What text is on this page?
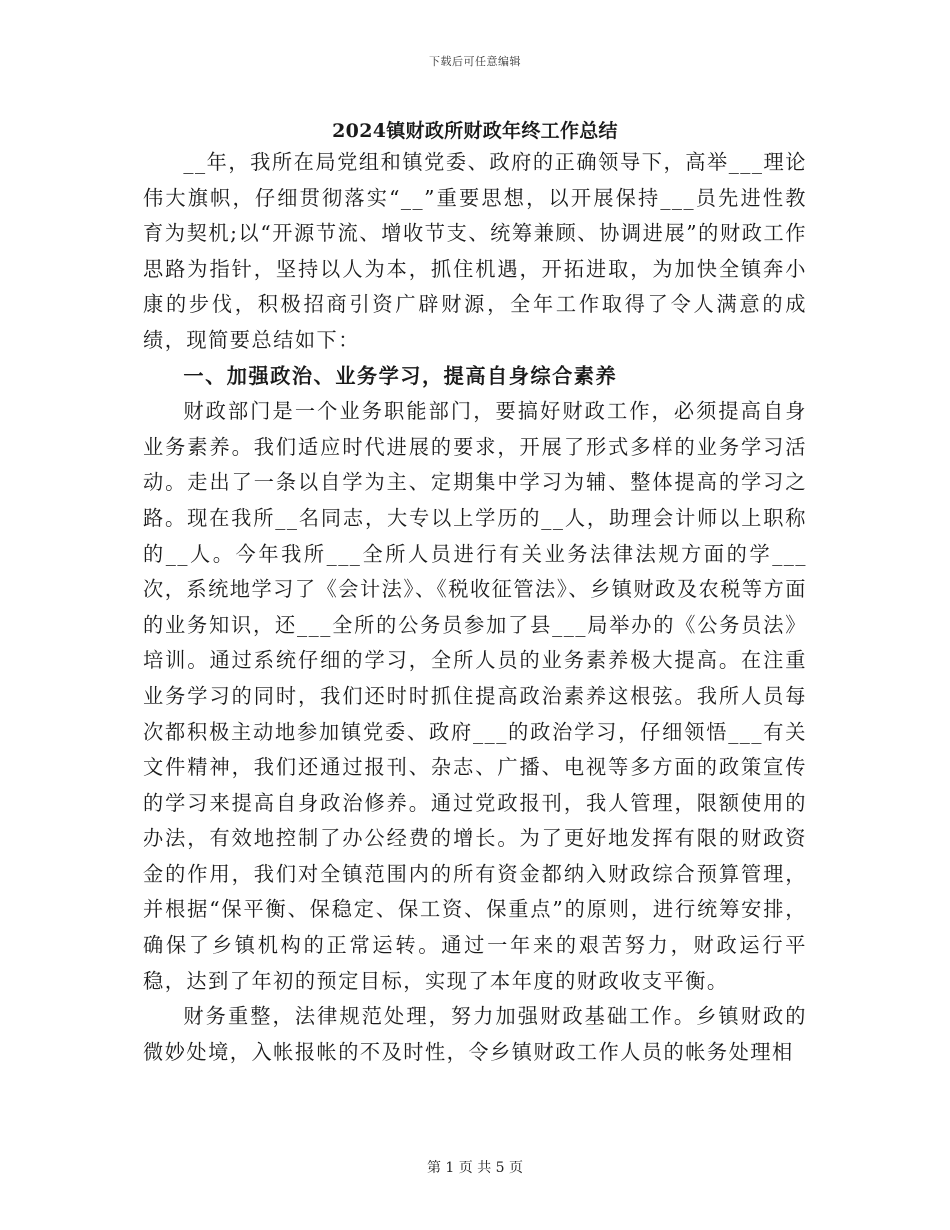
下载后可任意编辑
2024镇财政所财政年终工作总结

__年，我所在局党组和镇党委、政府的正确领导下，高举___理论伟大旗帜，仔细贯彻落实“__”重要思想，以开展保持___员先进性教育为契机;以“开源节流、增收节支、统筹兼顾、协调进展”的财政工作思路为指针，坚持以人为本，抓住机遇，开拓进取，为加快全镇奔小康的步伐，积极招商引资广辟财源，全年工作取得了令人满意的成绩，现简要总结如下：

一、加强政治、业务学习，提高自身综合素养

财政部门是一个业务职能部门，要搞好财政工作，必须提高自身业务素养。我们适应时代进展的要求，开展了形式多样的业务学习活动。走出了一条以自学为主、定期集中学习为辅、整体提高的学习之路。现在我所__名同志，大专以上学历的__人，助理会计师以上职称的__人。今年我所___全所人员进行有关业务法律法规方面的学___次，系统地学习了《会计法》、《税收征管法》、乡镇财政及农税等方面的业务知识，还___全所的公务员参加了县___局举办的《公务员法》培训。通过系统仔细的学习，全所人员的业务素养极大提高。在注重业务学习的同时，我们还时时抓住提高政治素养这根弦。我所人员每次都积极主动地参加镇党委、政府___的政治学习，仔细领悟___有关文件精神，我们还通过报刊、杂志、广播、电视等多方面的政策宣传的学习来提高自身政治修养。通过党政报刊，我人管理，限额使用的办法，有效地控制了办公经费的增长。为了更好地发挥有限的财政资金的作用，我们对全镇范围内的所有资金都纳入财政综合预算管理，并根据“保平衡、保稳定、保工资、保重点”的原则，进行统筹安排，确保了乡镇机构的正常运转。通过一年来的艰苦努力，财政运行平稳，达到了年初的预定目标，实现了本年度的财政收支平衡。

财务重整，法律规范处理，努力加强财政基础工作。乡镇财政的微妙处境，入帐报帐的不及时性，令乡镇财政工作人员的帐务处理相

第 1 页 共 5 页
